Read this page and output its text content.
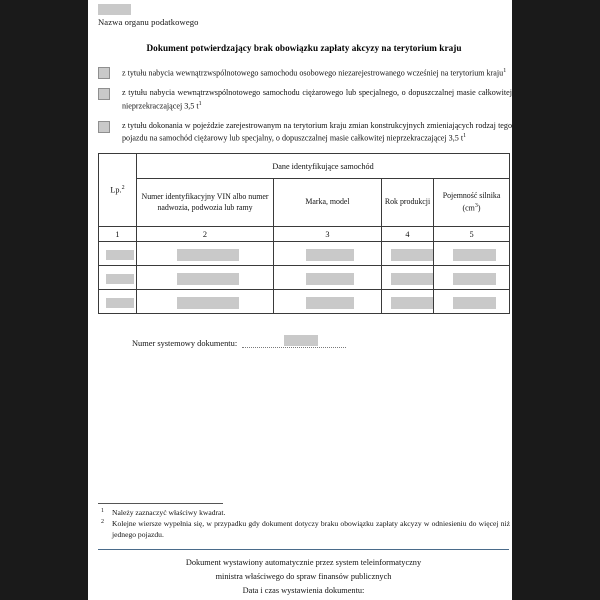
Nazwa organu podatkowego
Dokument potwierdzający brak obowiązku zapłaty akcyzy na terytorium kraju
z tytułu nabycia wewnątrzwspólnotowego samochodu osobowego niezarejestrowanego wcześniej na terytorium kraju$^1$
z tytułu nabycia wewnątrzwspólnotowego samochodu ciężarowego lub specjalnego, o dopuszczalnej masie całkowitej nieprzekraczającej 3,5 $t^1$
z tytułu dokonania w pojeździe zarejestrowanym na terytorium kraju zmian konstrukcyjnych zmieniających rodzaj tego pojazdu na samochód ciężarowy lub specjalny, o dopuszczalnej masie całkowitej nieprzekraczającej 3,5 $t^1$
Lp.$^2$	Dane identyfikujące samochód			
	Numer identyfikacyjny VIN albo numer nadwozia, podwozia lub ramy	Marka, model	Rok produkcji	Pojemność silnika $(cm^3)$
1	2	3	4	5

Numer systemowy dokumentu:
1	Należy zaznaczyć właściwy kwadrat.
2	Kolejne wiersze wypełnia się, w przypadku gdy dokument dotyczy braku obowiązku zapłaty akcyzy w odniesieniu do więcej niż jednego pojazdu.
Dokument wystawiony automatycznie przez system teleinformatyczny
ministra właściwego do spraw finansów publicznych
Data i czas wystawienia dokumentu:
